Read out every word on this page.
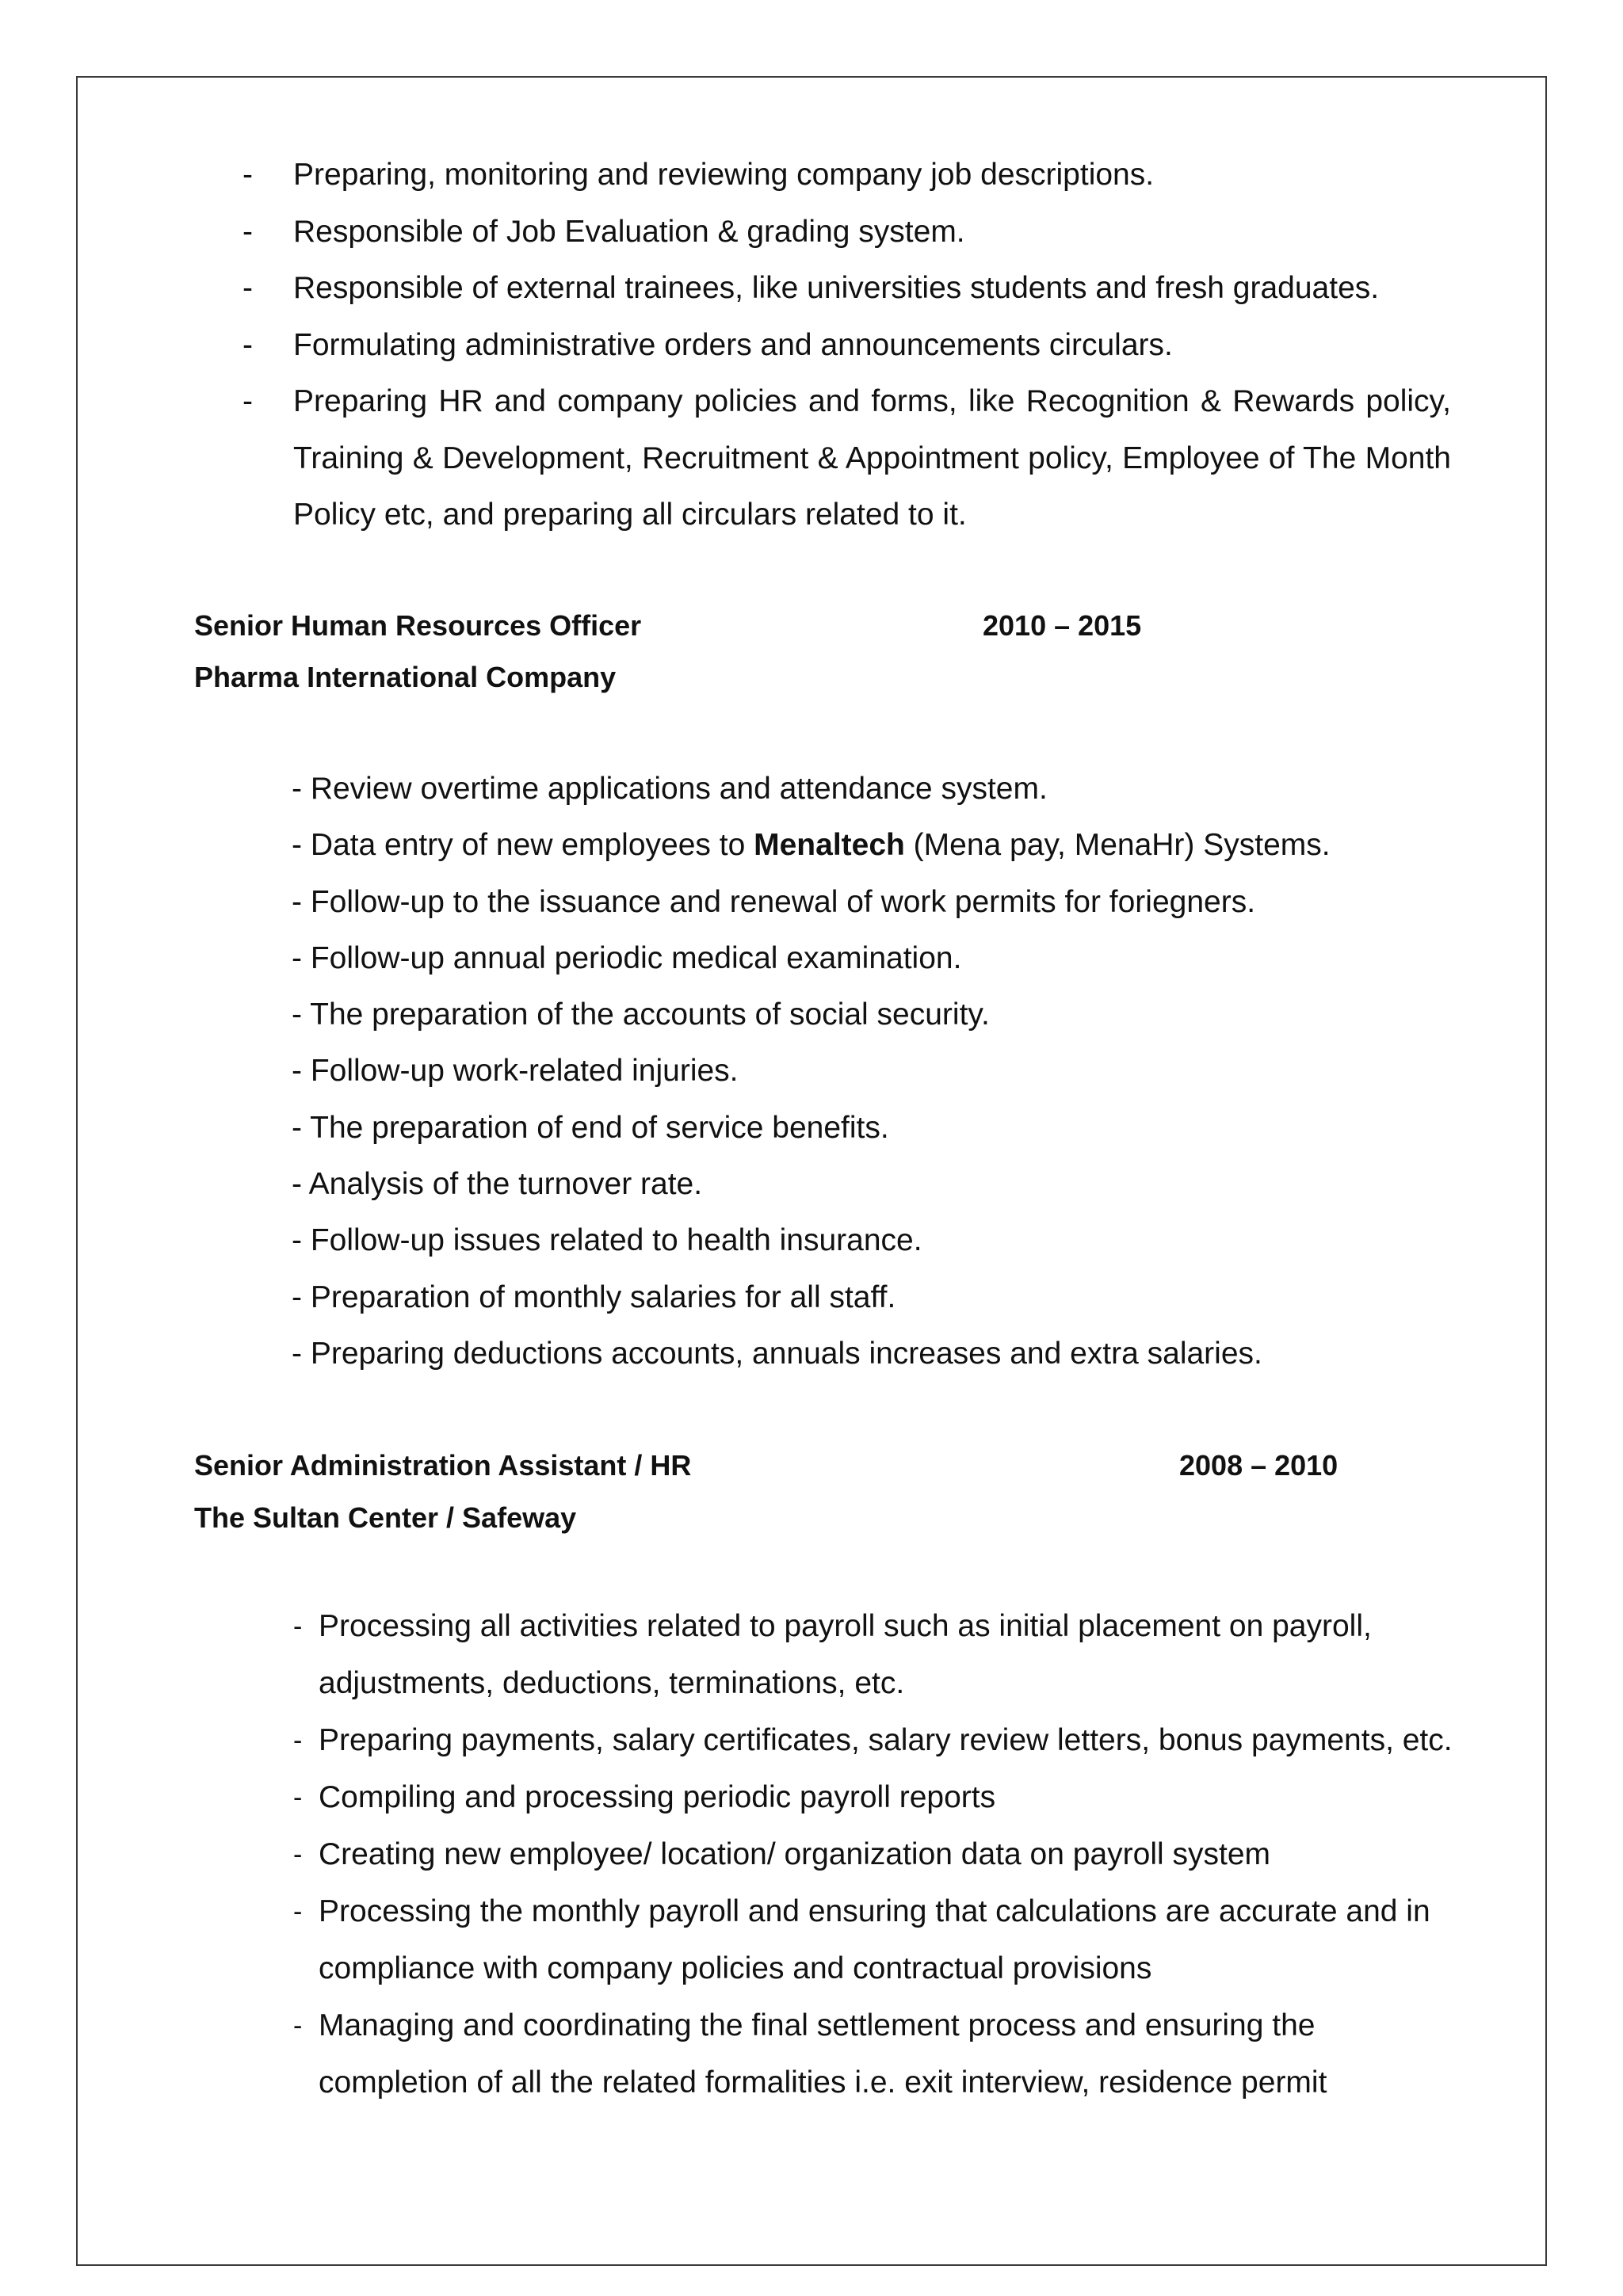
- Preparing, monitoring and reviewing company job descriptions.
- Responsible of Job Evaluation & grading system.
- Responsible of external trainees, like universities students and fresh graduates.
- Formulating administrative orders and announcements circulars.
- Preparing HR and company policies and forms, like Recognition & Rewards policy, Training & Development, Recruitment & Appointment policy, Employee of The Month Policy etc, and preparing all circulars related to it.
Senior Human Resources Officer	2010 – 2015
Pharma International Company
- Review overtime applications and attendance system.
- Data entry of new employees to Menaltech (Mena pay, MenaHr) Systems.
- Follow-up to the issuance and renewal of work permits for foriegners.
- Follow-up annual periodic medical examination.
- The preparation of the accounts of social security.
- Follow-up work-related injuries.
- The preparation of end of service benefits.
- Analysis of the turnover rate.
- Follow-up issues related to health insurance.
- Preparation of monthly salaries for all staff.
- Preparing deductions accounts, annuals increases and extra salaries.
Senior Administration Assistant / HR	2008 – 2010
The Sultan Center / Safeway
- Processing all activities related to payroll such as initial placement on payroll, adjustments, deductions, terminations, etc.
- Preparing payments, salary certificates, salary review letters, bonus payments, etc.
- Compiling and processing periodic payroll reports
- Creating new employee/ location/ organization data on payroll system
- Processing the monthly payroll and ensuring that calculations are accurate and in compliance with company policies and contractual provisions
- Managing and coordinating the final settlement process and ensuring the completion of all the related formalities i.e. exit interview, residence permit
